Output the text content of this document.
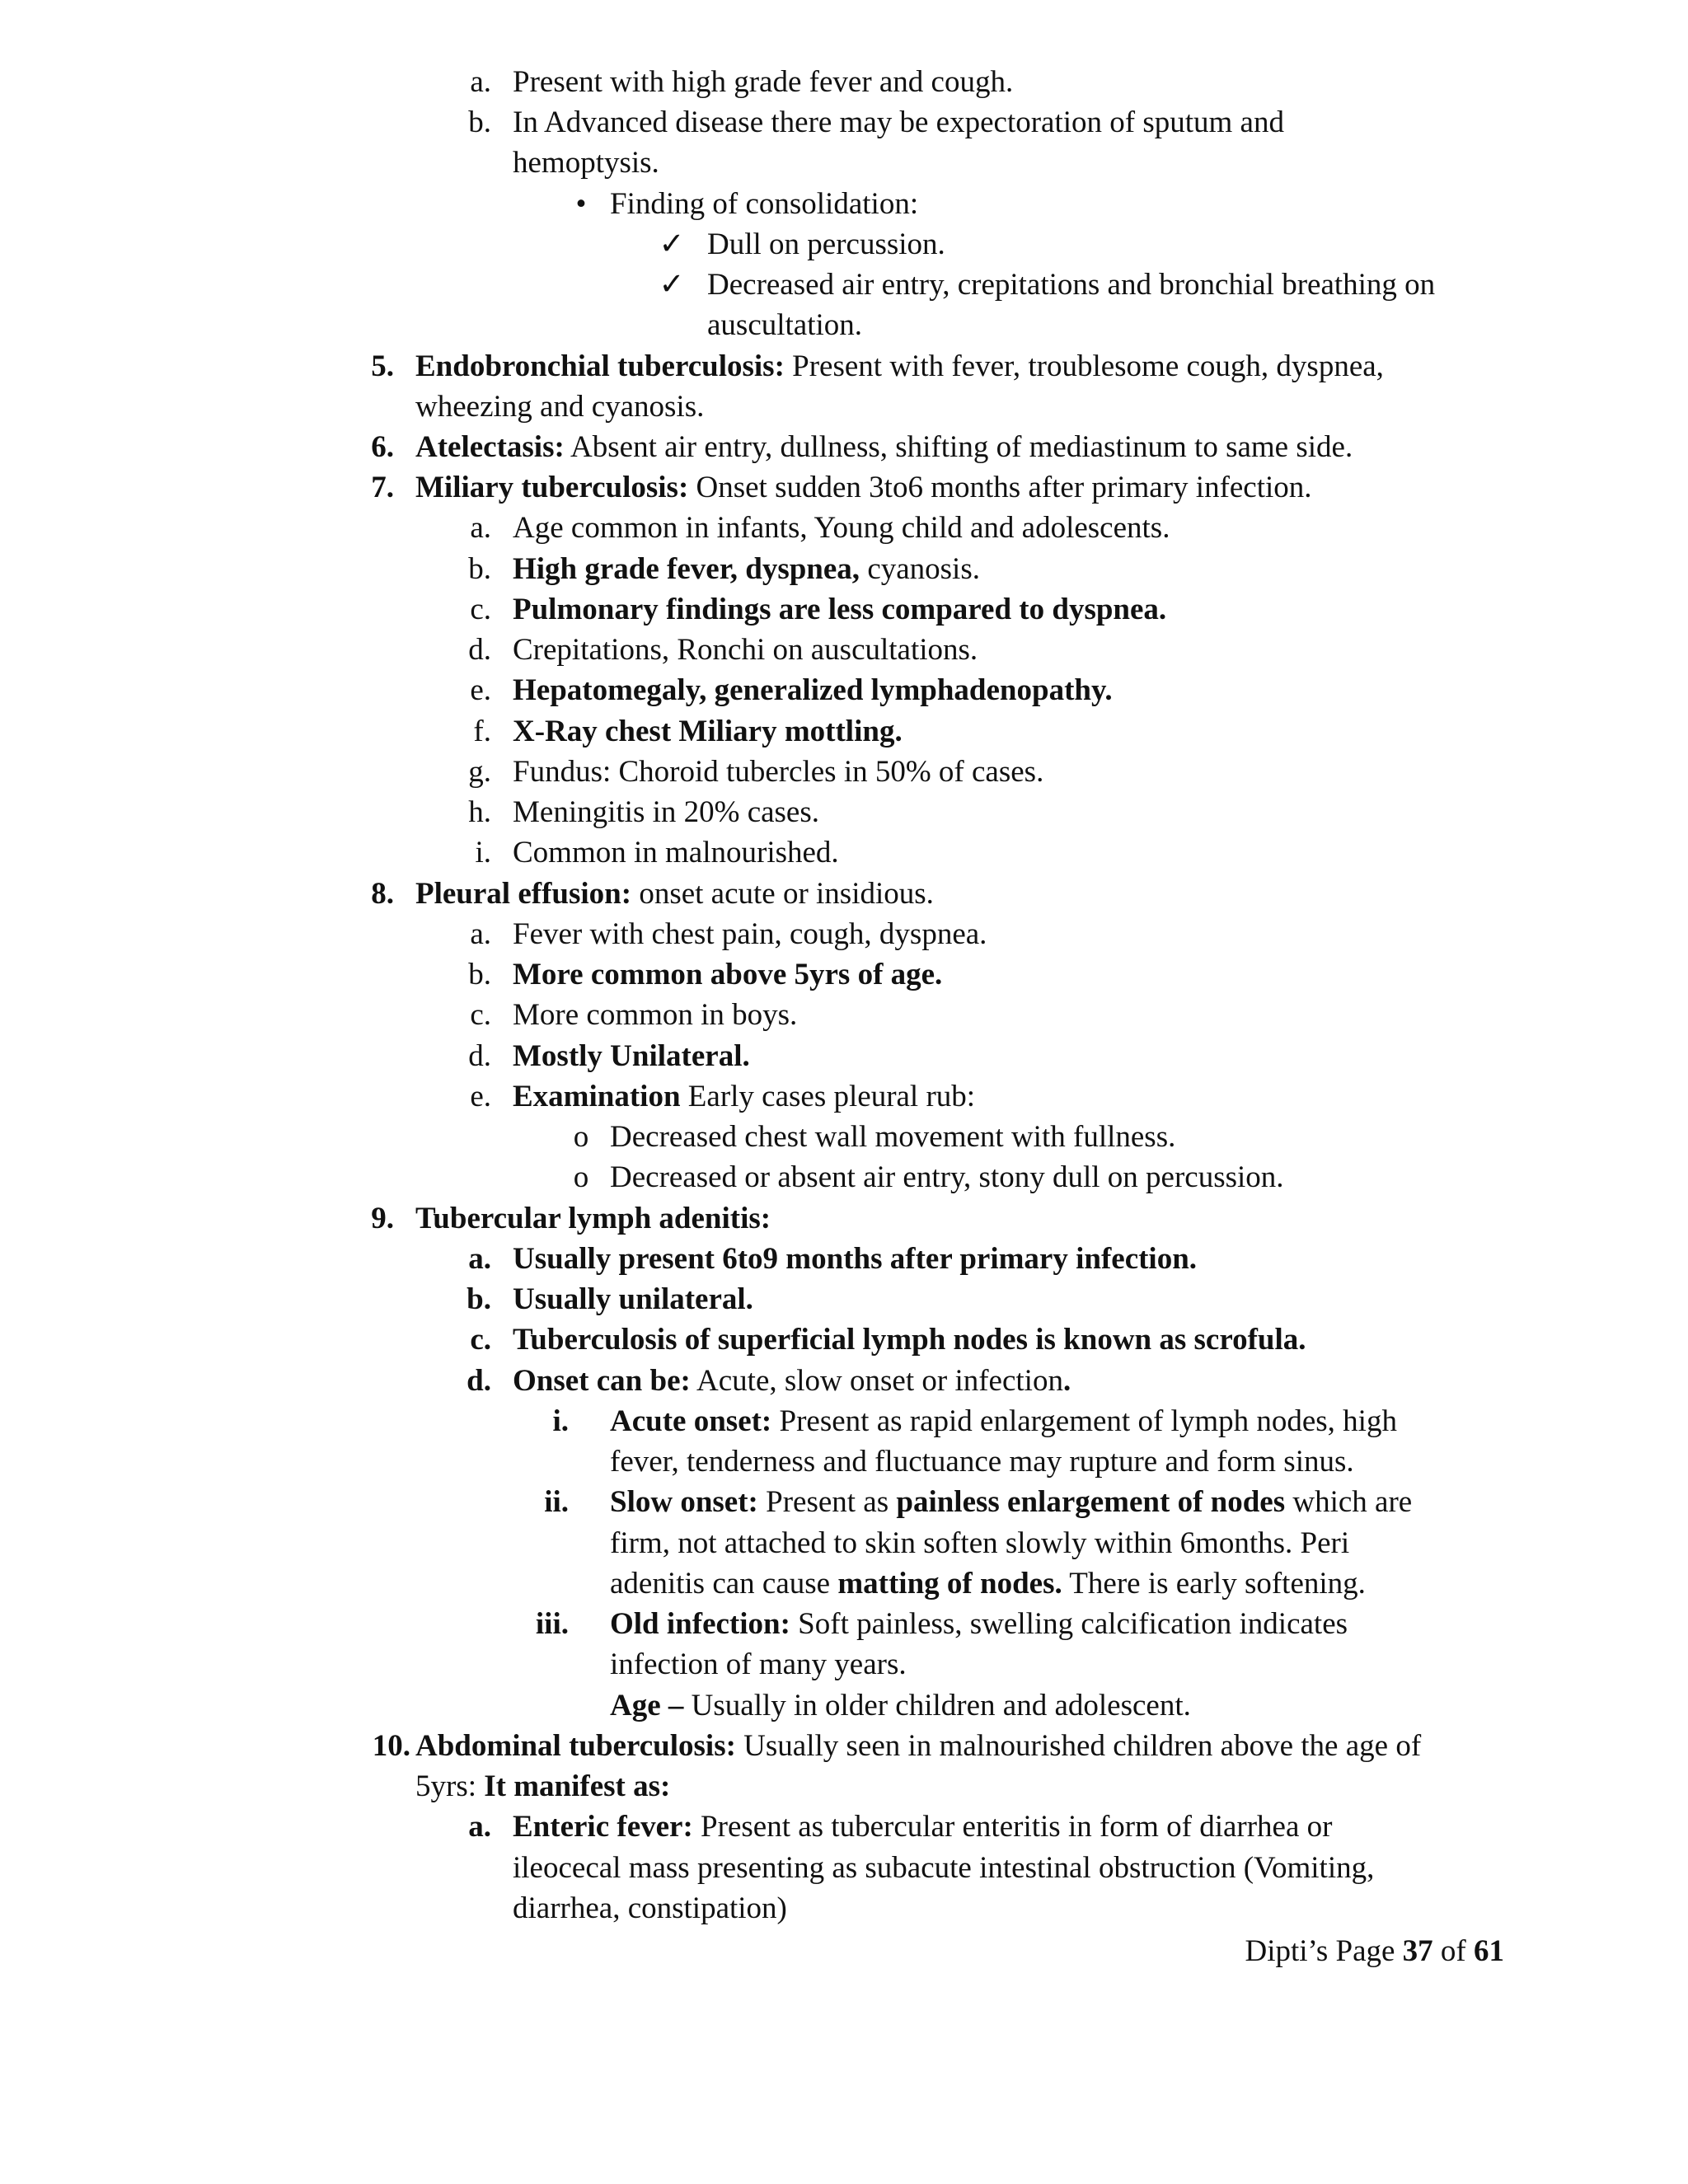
a. Present with high grade fever and cough.
b. In Advanced disease there may be expectoration of sputum and
hemoptysis.
• Finding of consolidation:
✓ Dull on percussion.
✓ Decreased air entry, crepitations and bronchial breathing on
auscultation.
5. Endobronchial tuberculosis: Present with fever, troublesome cough, dyspnea,
wheezing and cyanosis.
6. Atelectasis: Absent air entry, dullness, shifting of mediastinum to same side.
7. Miliary tuberculosis: Onset sudden 3to6 months after primary infection.
a. Age common in infants, Young child and adolescents.
b. High grade fever, dyspnea, cyanosis.
c. Pulmonary findings are less compared to dyspnea.
d. Crepitations, Ronchi on auscultations.
e. Hepatomegaly, generalized lymphadenopathy.
f. X-Ray chest Miliary mottling.
g. Fundus: Choroid tubercles in 50% of cases.
h. Meningitis in 20% cases.
i. Common in malnourished.
8. Pleural effusion: onset acute or insidious.
a. Fever with chest pain, cough, dyspnea.
b. More common above 5yrs of age.
c. More common in boys.
d. Mostly Unilateral.
e. Examination Early cases pleural rub:
o Decreased chest wall movement with fullness.
o Decreased or absent air entry, stony dull on percussion.
9. Tubercular lymph adenitis:
a. Usually present 6to9 months after primary infection.
b. Usually unilateral.
c. Tuberculosis of superficial lymph nodes is known as scrofula.
d. Onset can be: Acute, slow onset or infection.
i. Acute onset: Present as rapid enlargement of lymph nodes, high
fever, tenderness and fluctuance may rupture and form sinus.
ii. Slow onset: Present as painless enlargement of nodes which are
firm, not attached to skin soften slowly within 6months. Peri
adenitis can cause matting of nodes. There is early softening.
iii. Old infection: Soft painless, swelling calcification indicates
infection of many years.
Age – Usually in older children and adolescent.
10. Abdominal tuberculosis: Usually seen in malnourished children above the age of
5yrs: It manifest as:
a. Enteric fever: Present as tubercular enteritis in form of diarrhea or
ileocecal mass presenting as subacute intestinal obstruction (Vomiting,
diarrhea, constipation)
Dipti’s Page 37 of 61
